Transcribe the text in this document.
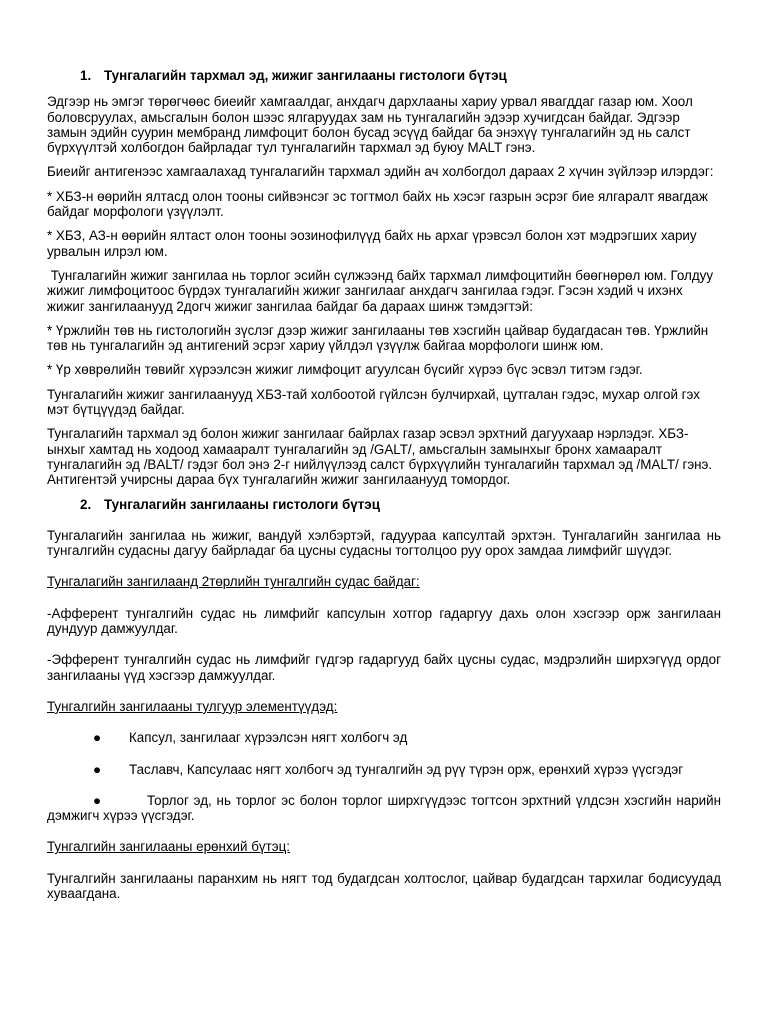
1. Тунгалагийн тархмал эд, жижиг зангилааны гистологи бүтэц

Эдгээр нь эмгэг төрөгчөөс биеийг хамгаалдаг, анхдагч дархлааны хариу урвал явагддаг газар юм. Хоол боловсруулах, амьсгалын болон шээс ялгаруудах зам нь тунгалагийн эдээр хучигдсан байдаг. Эдгээр замын эдийн суурин мембранд лимфоцит болон бусад эсүүд байдаг ба энэхүү тунгалагийн эд нь салст бүрхүүлтэй холбогдон байрладаг тул тунгалагийн тархмал эд буюу MALT гэнэ.

Биеийг антигенээс хамгаалахад тунгалагийн тархмал эдийн ач холбогдол дараах 2 хүчин зүйлээр илэрдэг:

* ХБЗ-н өөрийн ялтасд олон тооны сийвэнсэг эс тогтмол байх нь хэсэг газрын эсрэг бие ялгаралт явагдаж байдаг морфологи үзүүлэлт.

* ХБЗ, АЗ-н өөрийн ялтаст олон тооны эозинофилүүд байх нь архаг үрэвсэл болон хэт мэдрэгших хариу урвалын илрэл юм.

Тунгалагийн жижиг зангилаа нь торлог эсийн сүлжээнд байх тархмал лимфоцитийн бөөгнөрөл юм. Голдуу жижиг лимфоцитоос бүрдэх тунгалагийн жижиг зангилааг анхдагч зангилаа гэдэг. Гэсэн хэдий ч ихэнх жижиг зангилаанууд 2догч жижиг зангилаа байдаг ба дараах шинж тэмдэгтэй:

* Үржлийн төв нь гистологийн зүслэг дээр жижиг зангилааны төв хэсгийн цайвар будагдасан төв. Үржлийн төв нь тунгалагийн эд антигений эсрэг хариу үйлдэл үзүүлж байгаа морфологи шинж юм.

* Үр хөврөлийн төвийг хүрээлсэн жижиг лимфоцит агуулсан бүсийг хүрээ бүс эсвэл титэм гэдэг.

Тунгалагийн жижиг зангилаанууд ХБЗ-тай холбоотой гүйлсэн булчирхай, цутгалан гэдэс, мухар олгой гэх мэт бүтцүүдэд байдаг.

Тунгалагийн тархмал эд болон жижиг зангилааг байрлах газар эсвэл эрхтний дагуухаар нэрлэдэг. ХБЗ-ынхыг хамтад нь ходоод хамааралт тунгалагийн эд /GALT/, амьсгалын замынхыг бронх хамааралт тунгалагийн эд /BALT/ гэдэг бол энэ 2-г нийлүүлээд салст бүрхүүлийн тунгалагийн тархмал эд /MALT/ гэнэ. Антигентэй учирсны дараа бүх тунгалагийн жижиг зангилаанууд томордог.

2. Тунгалагийн зангилааны гистологи бүтэц

Тунгалагийн зангилаа нь жижиг, вандуй хэлбэртэй, гадуураа капсултай эрхтэн. Тунгалагийн зангилаа нь тунгалгийн судасны дагуу байрладаг ба цусны судасны тогтолцоо руу орох замдаа лимфийг шүүдэг.

Тунгалагийн зангилаанд 2төрлийн тунгалгийн судас байдаг:

-Афферент тунгалгийн судас нь лимфийг капсулын хотгор гадаргуу дахь олон хэсгээр орж зангилаан дундуур дамжуулдаг.

-Эфферент тунгалгийн судас нь лимфийг гүдгэр гадаргууд байх цусны судас, мэдрэлийн ширхэгүүд ордог зангилааны үүд хэсгээр дамжуулдаг.

Тунгалгийн зангилааны тулгуур элементүүдэд:
● Капсул, зангилааг хүрээлсэн нягт холбогч эд
● Таславч, Капсулаас нягт холбогч эд тунгалгийн эд рүү түрэн орж, ерөнхий хүрээ үүсгэдэг
●	Торлог эд, нь торлог эс болон торлог ширхгүүдээс тогтсон эрхтний үлдсэн хэсгийн нарийн дэмжигч хүрээ үүсгэдэг.
Тунгалгийн зангилааны ерөнхий бүтэц:

Тунгалгийн зангилааны паранхим нь нягт тод будагдсан холтослог, цайвар будагдсан тархилаг бодисуудад хуваагдана.
